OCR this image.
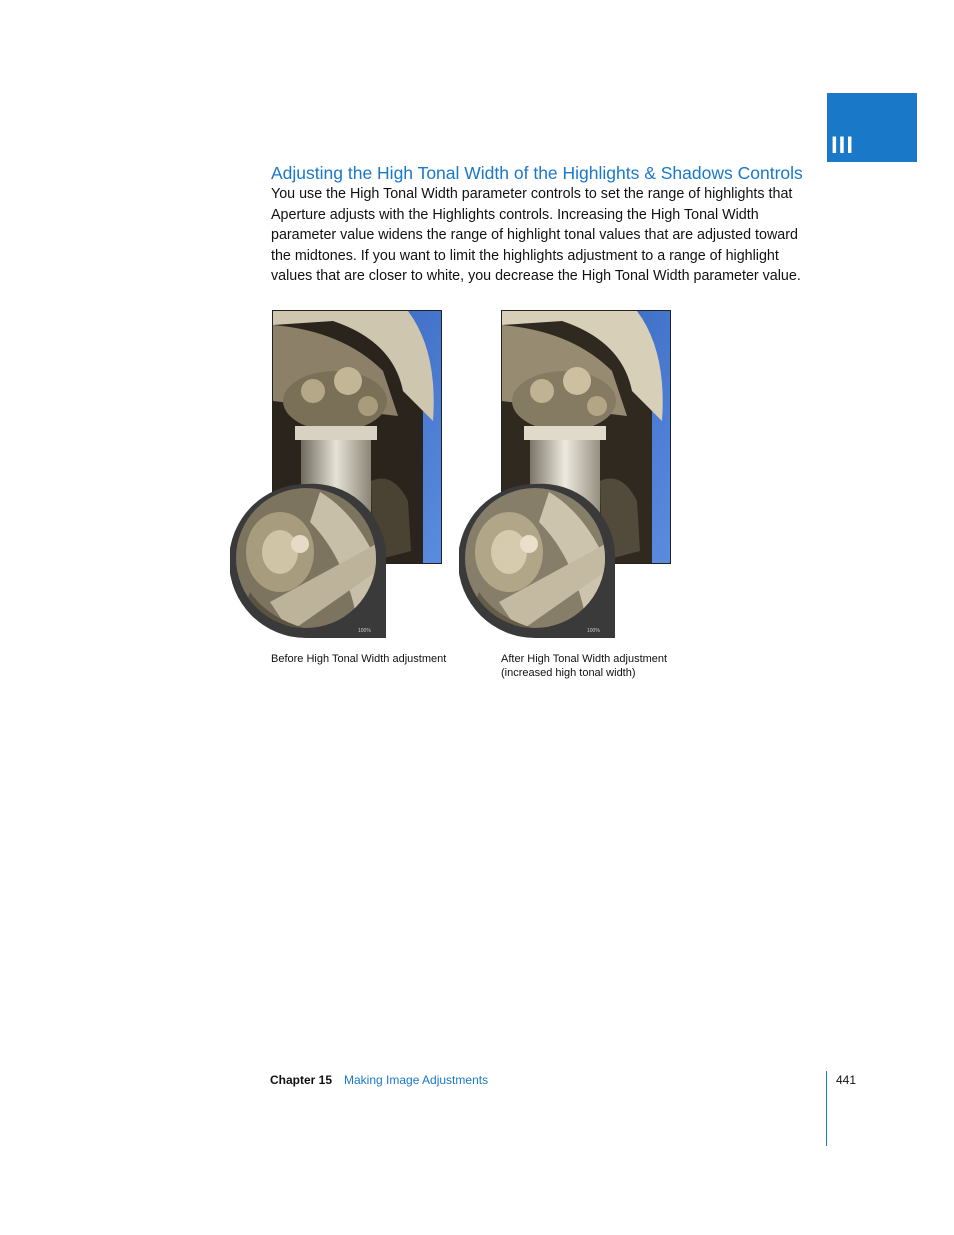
III
Adjusting the High Tonal Width of the Highlights & Shadows Controls

You use the High Tonal Width parameter controls to set the range of highlights that Aperture adjusts with the Highlights controls. Increasing the High Tonal Width parameter value widens the range of highlight tonal values that are adjusted toward the midtones. If you want to limit the highlights adjustment to a range of highlight values that are closer to white, you decrease the High Tonal Width parameter value.

100%	100%

Before High Tonal Width adjustment	After High Tonal Width adjustment
(increased high tonal width)

Chapter 15 Making Image Adjustments	441
